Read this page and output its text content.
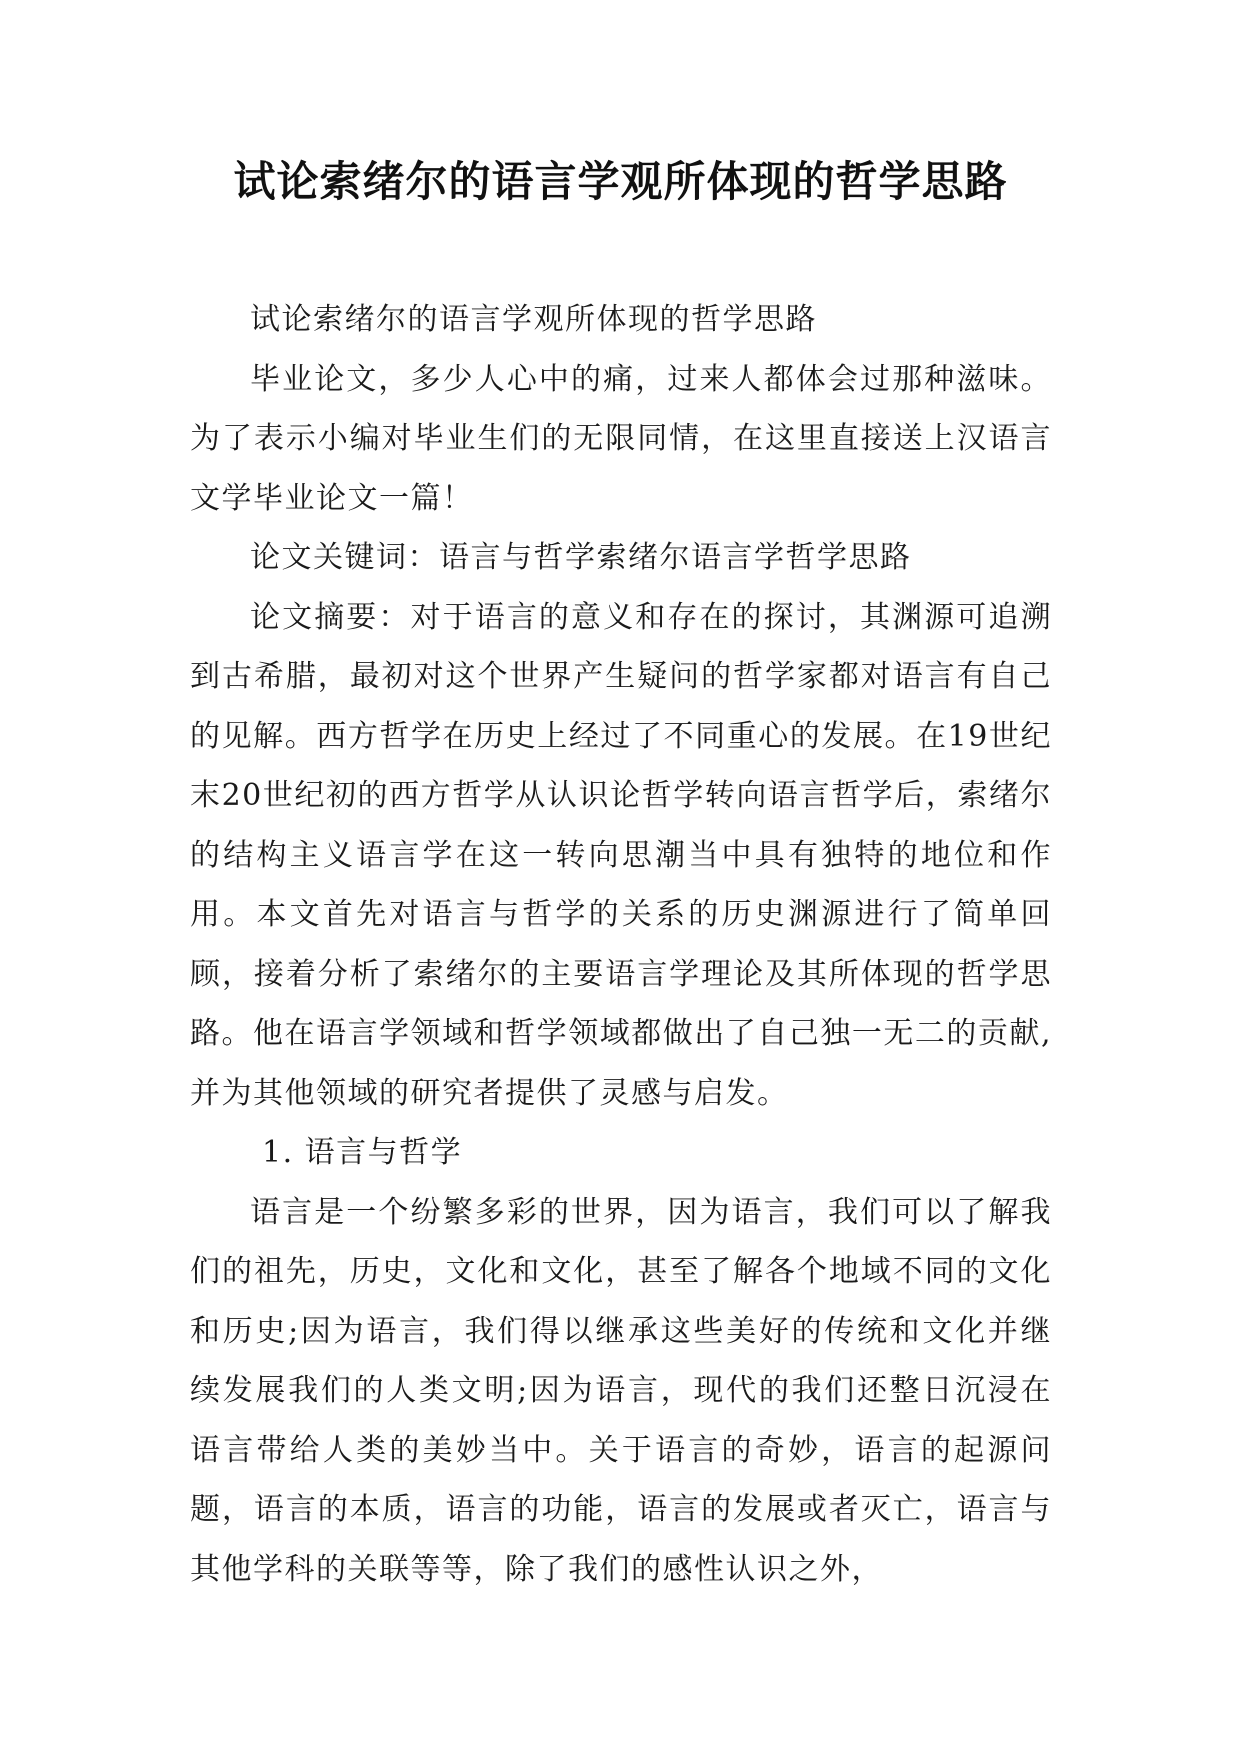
试论索绪尔的语言学观所体现的哲学思路

试论索绪尔的语言学观所体现的哲学思路

毕业论文，多少人心中的痛，过来人都体会过那种滋味。为了表示小编对毕业生们的无限同情，在这里直接送上汉语言文学毕业论文一篇！

论文关键词：语言与哲学索绪尔语言学哲学思路

论文摘要：对于语言的意义和存在的探讨，其渊源可追溯到古希腊，最初对这个世界产生疑问的哲学家都对语言有自己的见解。西方哲学在历史上经过了不同重心的发展。在19世纪末20世纪初的西方哲学从认识论哲学转向语言哲学后，索绪尔的结构主义语言学在这一转向思潮当中具有独特的地位和作用。本文首先对语言与哲学的关系的历史渊源进行了简单回顾，接着分析了索绪尔的主要语言学理论及其所体现的哲学思路。他在语言学领域和哲学领域都做出了自己独一无二的贡献,并为其他领域的研究者提供了灵感与启发。

1. 语言与哲学

语言是一个纷繁多彩的世界，因为语言，我们可以了解我们的祖先，历史，文化和文化，甚至了解各个地域不同的文化和历史;因为语言，我们得以继承这些美好的传统和文化并继续发展我们的人类文明;因为语言，现代的我们还整日沉浸在语言带给人类的美妙当中。关于语言的奇妙，语言的起源问题，语言的本质，语言的功能，语言的发展或者灭亡，语言与其他学科的关联等等，除了我们的感性认识之外，
